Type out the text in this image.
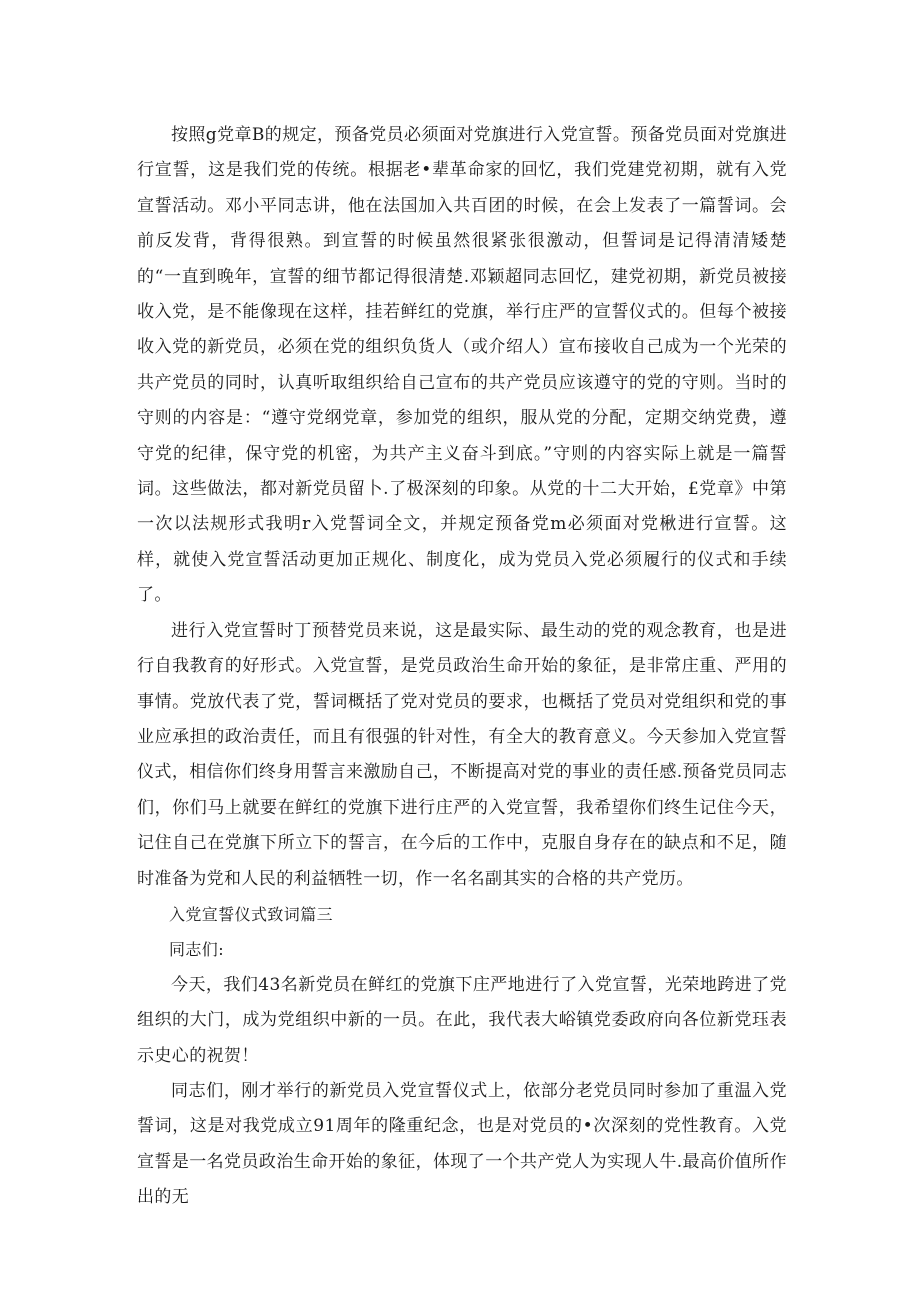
按照g党章B的规定，预备党员必须面对党旗进行入党宣誓。预备党员面对党旗进行宣誓，这是我们党的传统。根据老•辈革命家的回忆，我们党建党初期，就有入党宣誓活动。邓小平同志讲，他在法国加入共百团的时候，在会上发表了一篇誓词。会前反发背，背得很熟。到宣誓的时候虽然很紧张很激动，但誓词是记得清清矮楚的“一直到晚年，宣誓的细节都记得很清楚.邓颖超同志回忆，建党初期，新党员被接收入党，是不能像现在这样，挂若鲜红的党旗，举行庄严的宣誓仪式的。但每个被接收入党的新党员，必须在党的组织负货人（或介绍人）宣布接收自己成为一个光荣的共产党员的同时，认真听取组织给自己宣布的共产党员应该遵守的党的守则。当时的守则的内容是：“遵守党纲党章，参加党的组织，服从党的分配，定期交纳党费，遵守党的纪律，保守党的机密，为共产主义奋斗到底。”守则的内容实际上就是一篇誓词。这些做法，都对新党员留卜.了极深刻的印象。从党的十二大开始，£党章》中第一次以法规形式我明r入党誓词全文，并规定预备党m必须面对党楸进行宣誓。这样，就使入党宣誓活动更加正规化、制度化，成为党员入党必须履行的仪式和手续了。

进行入党宣誓时丁预替党员来说，这是最实际、最生动的党的观念教育，也是进行自我教育的好形式。入党宣誓，是党员政治生命开始的象征，是非常庄重、严用的事情。党放代表了党，誓词概括了党对党员的要求，也概括了党员对党组织和党的事业应承担的政治责任，而且有很强的针对性，有全大的教育意义。今天参加入党宣誓仪式，相信你们终身用誓言来激励自己，不断提高对党的事业的责任感.预备党员同志们，你们马上就要在鲜红的党旗下进行庄严的入党宣誓，我希望你们终生记住今天，记住自己在党旗下所立下的誓言，在今后的工作中，克服自身存在的缺点和不足，随时准备为党和人民的利益牺牲一切，作一名名副其实的合格的共产党历。

入党宣誓仪式致词篇三

同志们:

今天，我们43名新党员在鲜红的党旗下庄严地进行了入党宣誓，光荣地跨进了党组织的大门，成为党组织中新的一员。在此，我代表大峪镇党委政府向各位新党珏表示史心的祝贺！

同志们，刚才举行的新党员入党宣誓仪式上，依部分老党员同时参加了重温入党誓词，这是对我党成立91周年的隆重纪念，也是对党员的•次深刻的党性教育。入党宣誓是一名党员政治生命开始的象征，体现了一个共产党人为实现人牛.最高价值所作出的无
